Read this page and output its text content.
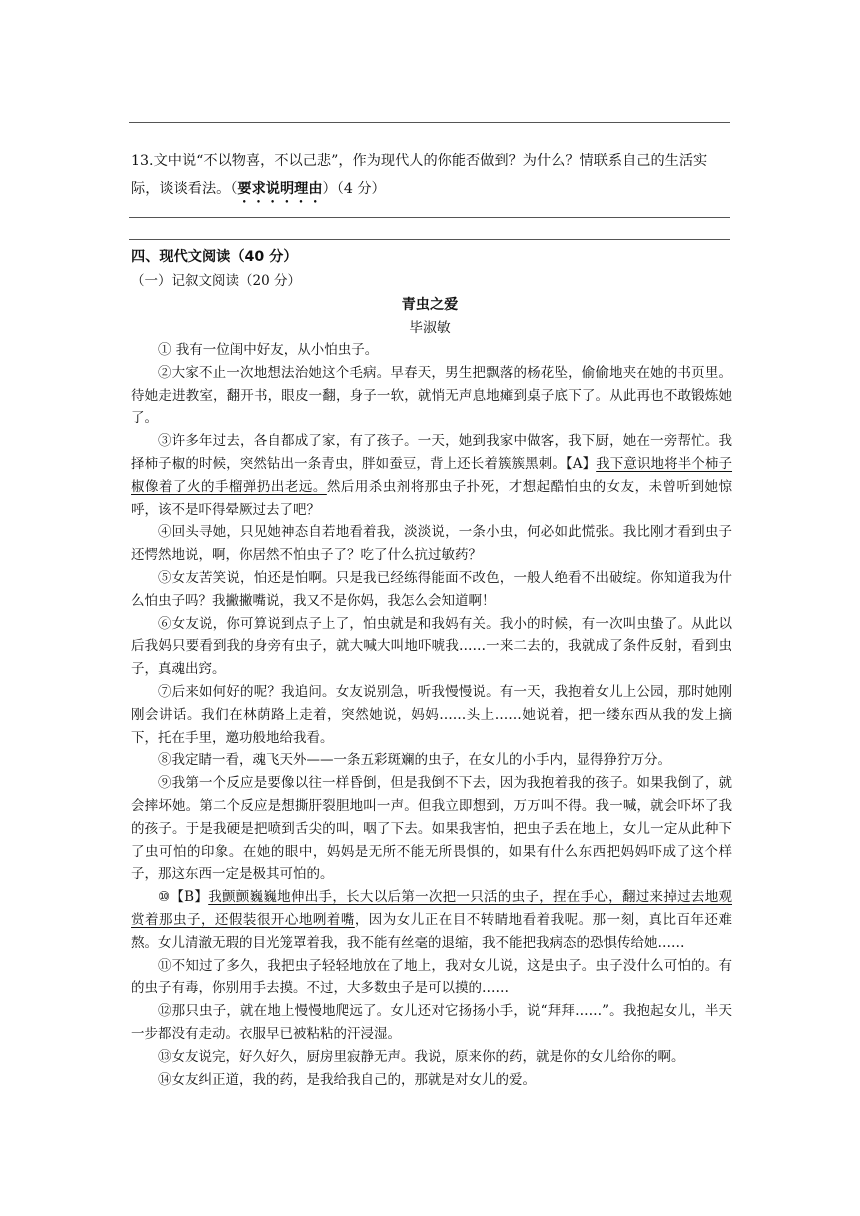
13.文中说“不以物喜，不以己悲”，作为现代人的你能否做到？为什么？情联系自己的生活实际，谈谈看法。（要求说明理由）（4 分）
四、现代文阅读（40 分）
（一）记叙文阅读（20 分）
青虫之爱
毕淑敏

① 我有一位闺中好友，从小怕虫子。

②大家不止一次地想法治她这个毛病。早春天，男生把飘落的杨花坠，偷偷地夹在她的书页里。待她走进教室，翻开书，眼皮一翻，身子一软，就悄无声息地瘫到桌子底下了。从此再也不敢锻炼她了。

③许多年过去，各自都成了家，有了孩子。一天，她到我家中做客，我下厨，她在一旁帮忙。我择柿子椒的时候，突然钻出一条青虫，胖如蚕豆，背上还长着簇簇黑刺。【A】我下意识地将半个柿子椒像着了火的手榴弹扔出老远。然后用杀虫剂将那虫子扑死，才想起酷怕虫的女友，未曾听到她惊呼，该不是吓得晕厥过去了吧？

④回头寻她，只见她神态自若地看着我，淡淡说，一条小虫，何必如此慌张。我比刚才看到虫子还愕然地说，啊，你居然不怕虫子了？吃了什么抗过敏药？

⑤女友苦笑说，怕还是怕啊。只是我已经练得能面不改色，一般人绝看不出破绽。你知道我为什么怕虫子吗？我撇撇嘴说，我又不是你妈，我怎么会知道啊！

⑥女友说，你可算说到点子上了，怕虫就是和我妈有关。我小的时候，有一次叫虫蛰了。从此以后我妈只要看到我的身旁有虫子，就大喊大叫地吓唬我……一来二去的，我就成了条件反射，看到虫子，真魂出窍。

⑦后来如何好的呢？我追问。女友说别急，听我慢慢说。有一天，我抱着女儿上公园，那时她刚刚会讲话。我们在林荫路上走着，突然她说，妈妈……头上……她说着，把一缕东西从我的发上摘下，托在手里，邀功般地给我看。

⑧我定睛一看，魂飞天外——一条五彩斑斓的虫子，在女儿的小手内，显得狰狞万分。

⑨我第一个反应是要像以往一样昏倒，但是我倒不下去，因为我抱着我的孩子。如果我倒了，就会摔坏她。第二个反应是想撕肝裂胆地叫一声。但我立即想到，万万叫不得。我一喊，就会吓坏了我的孩子。于是我硬是把喷到舌尖的叫，咽了下去。如果我害怕，把虫子丢在地上，女儿一定从此种下了虫可怕的印象。在她的眼中，妈妈是无所不能无所畏惧的，如果有什么东西把妈妈吓成了这个样子，那这东西一定是极其可怕的。

⑩【B】我颤颤巍巍地伸出手，长大以后第一次把一只活的虫子，捏在手心，翻过来掉过去地观赏着那虫子，还假装很开心地咧着嘴，因为女儿正在目不转睛地看着我呢。那一刻，真比百年还难熬。女儿清澈无瑕的目光笼罩着我，我不能有丝毫的退缩，我不能把我病态的恐惧传给她……

⑪不知过了多久，我把虫子轻轻地放在了地上，我对女儿说，这是虫子。虫子没什么可怕的。有的虫子有毒，你别用手去摸。不过，大多数虫子是可以摸的……

⑫那只虫子，就在地上慢慢地爬远了。女儿还对它扬扬小手，说“拜拜……”。我抱起女儿，半天一步都没有走动。衣服早已被粘粘的汗浸湿。

⑬女友说完，好久好久，厨房里寂静无声。我说，原来你的药，就是你的女儿给你的啊。

⑭女友纠正道，我的药，是我给我自己的，那就是对女儿的爱。
